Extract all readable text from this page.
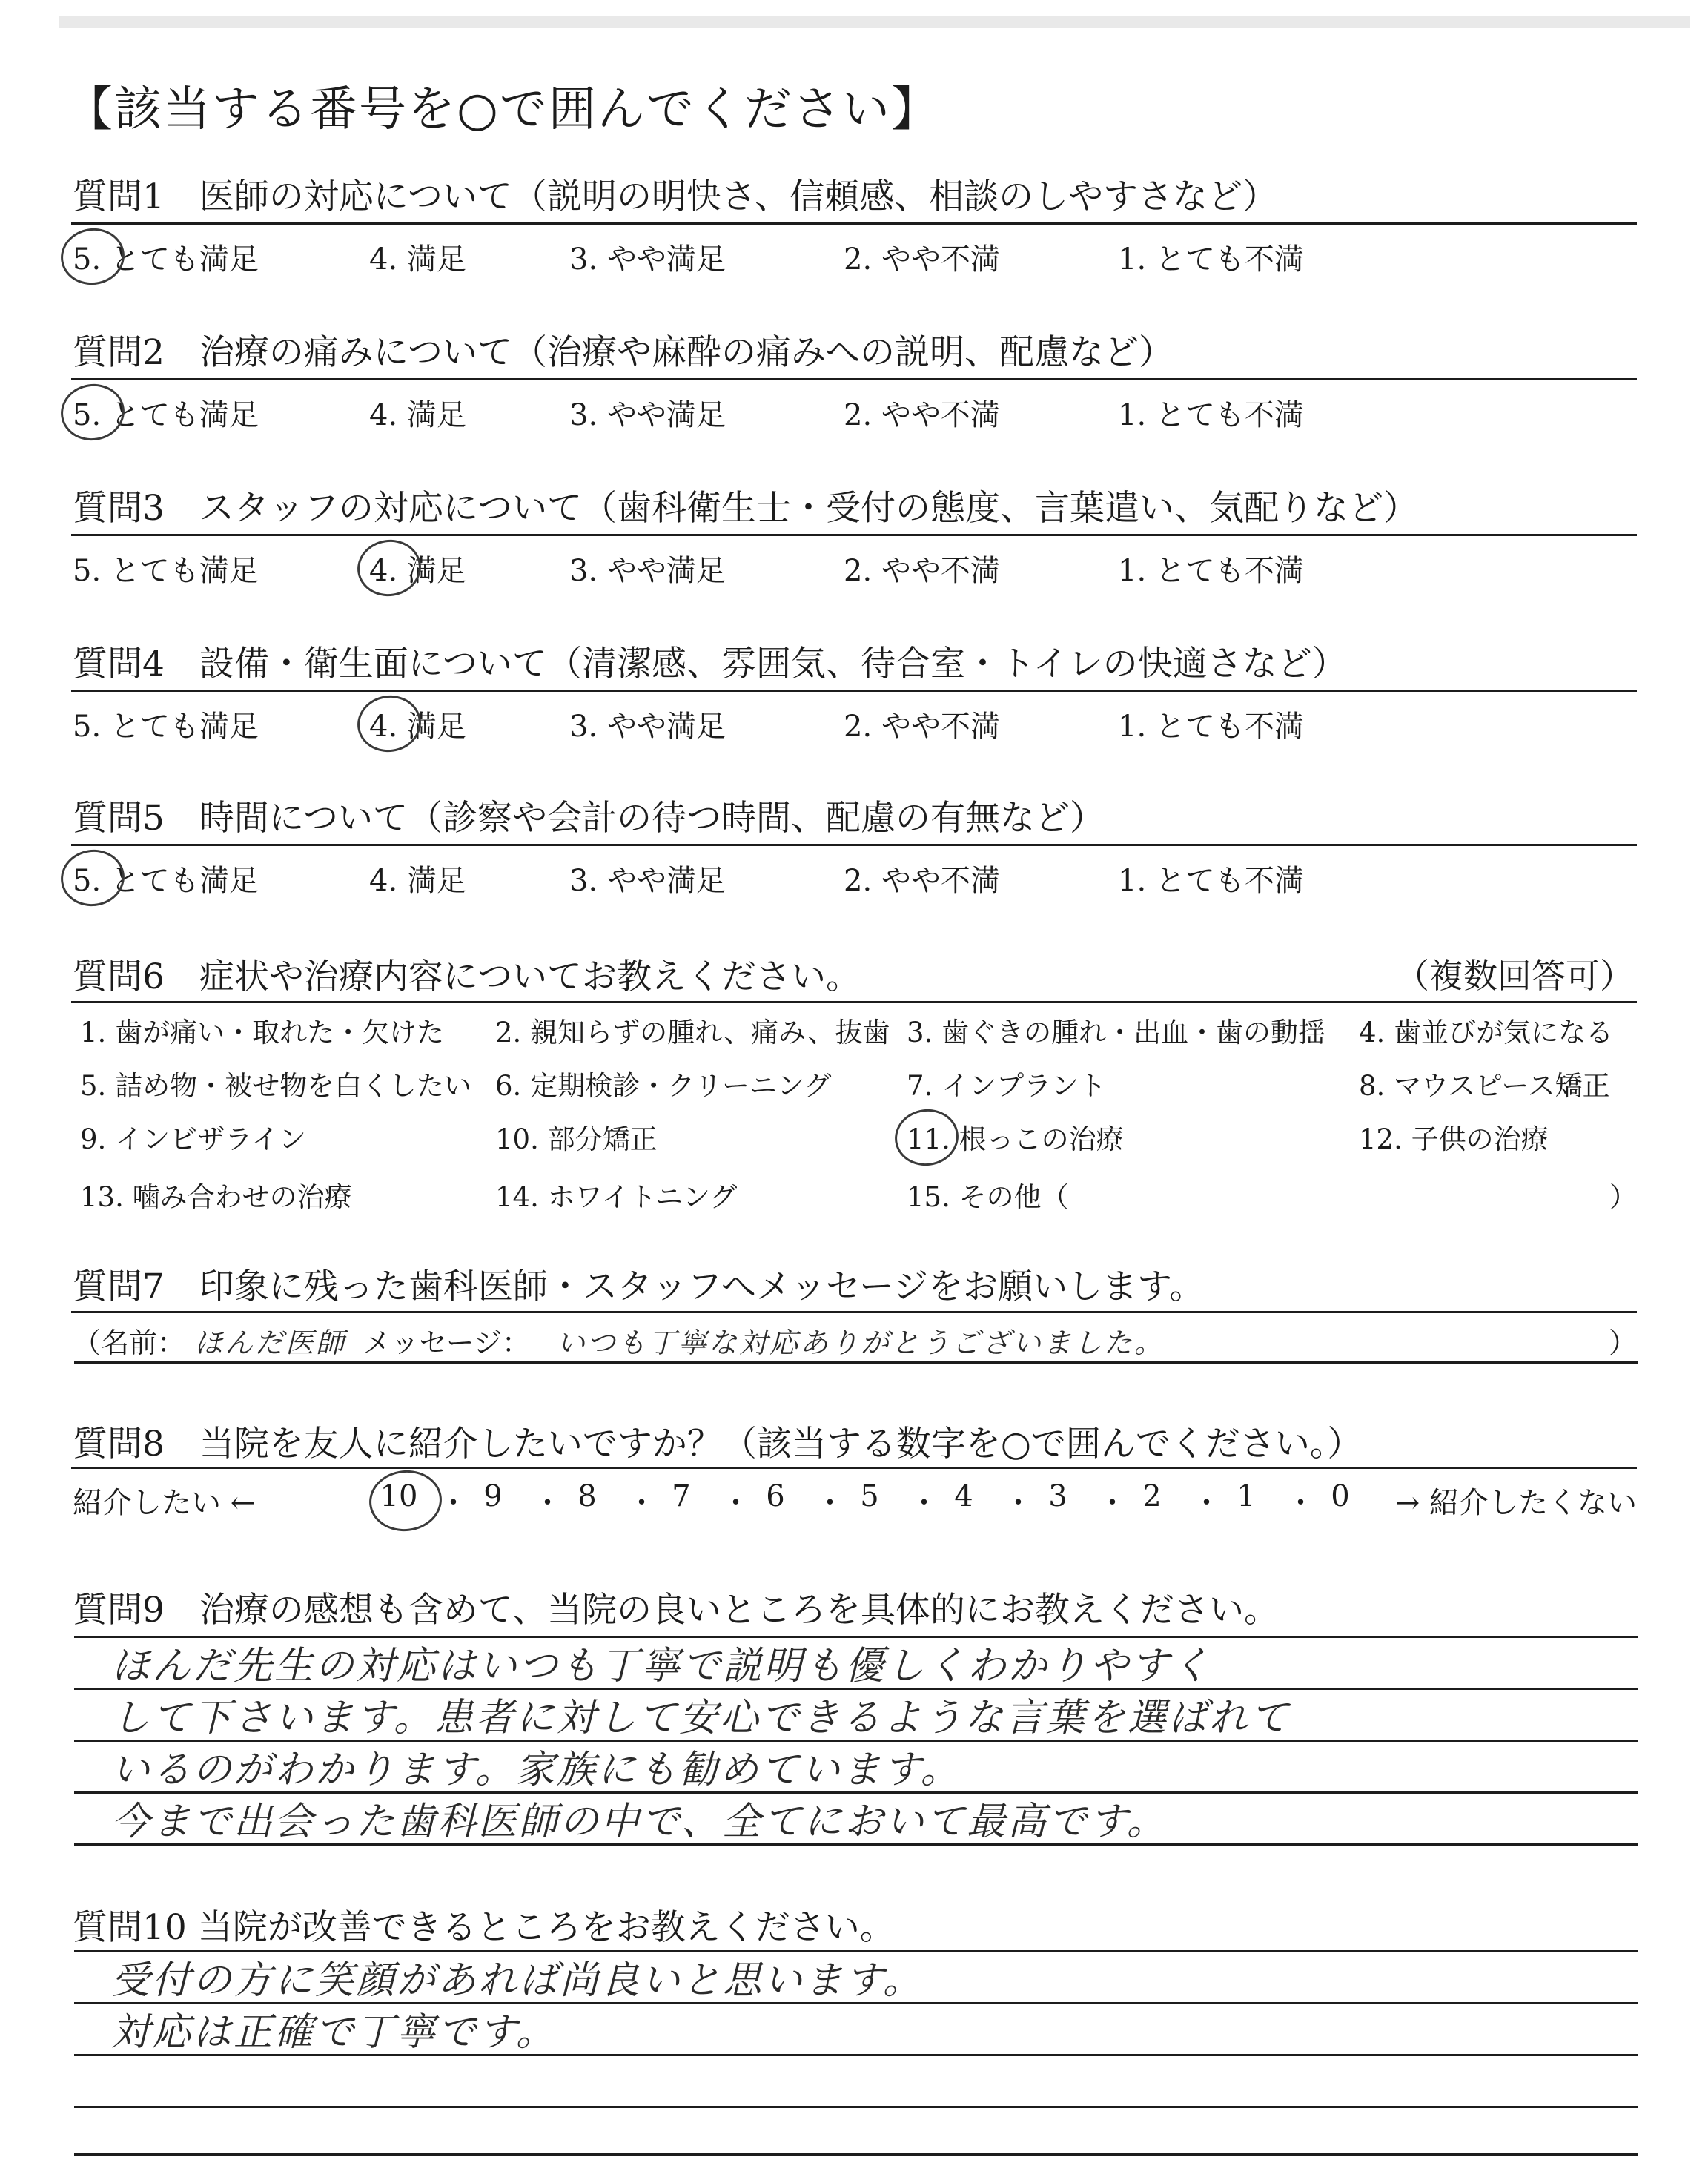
【該当する番号を○で囲んでください】
質問1　医師の対応について（説明の明快さ、信頼感、相談のしやすさなど）
5. とても満足	4. 満足	3. やや満足	2. やや不満	1. とても不満
質問2　治療の痛みについて（治療や麻酔の痛みへの説明、配慮など）
5. とても満足	4. 満足	3. やや満足	2. やや不満	1. とても不満
質問3　スタッフの対応について（歯科衛生士・受付の態度、言葉遣い、気配りなど）
5. とても満足	4. 満足	3. やや満足	2. やや不満	1. とても不満
質問4　設備・衛生面について（清潔感、雰囲気、待合室・トイレの快適さなど）
5. とても満足	4. 満足	3. やや満足	2. やや不満	1. とても不満
質問5　時間について（診察や会計の待つ時間、配慮の有無など）
5. とても満足	4. 満足	3. やや満足	2. やや不満	1. とても不満
質問6　症状や治療内容についてお教えください。	（複数回答可）
）
1. 歯が痛い・取れた・欠けた 2. 親知らずの腫れ、痛み、抜歯 3. 歯ぐきの腫れ・出血・歯の動揺 4. 歯並びが気になる
5. 詰め物・被せ物を白くしたい 6. 定期検診・クリーニング	7. インプラント	8. マウスピース矯正
9. インビザライン	10. 部分矯正	11. 根っこの治療	12. 子供の治療
13. 噛み合わせの治療	14. ホワイトニング	15. その他（
質問7　印象に残った歯科医師・スタッフへメッセージをお願いします。
（名前： ほんだ医師 メッセージ： いつも丁寧な対応ありがとうございました。	）
質問8　当院を友人に紹介したいですか？（該当する数字を○で囲んでください。）
紹介したい ←	→ 紹介したくない
10 ・ 9	・ 8	・ 7	・ 6	・ 5	・ 4	・ 3	・ 2	・ 1	・ 0
質問9　治療の感想も含めて、当院の良いところを具体的にお教えください。
ほんだ先生の対応はいつも丁寧で説明も優しくわかりやすく
して下さいます。患者に対して安心できるような言葉を選ばれて
いるのがわかります。家族にも勧めています。
今まで出会った歯科医師の中で、全てにおいて最高です。
質問10 当院が改善できるところをお教えください。
受付の方に笑顔があれば尚良いと思います。
対応は正確で丁寧です。
